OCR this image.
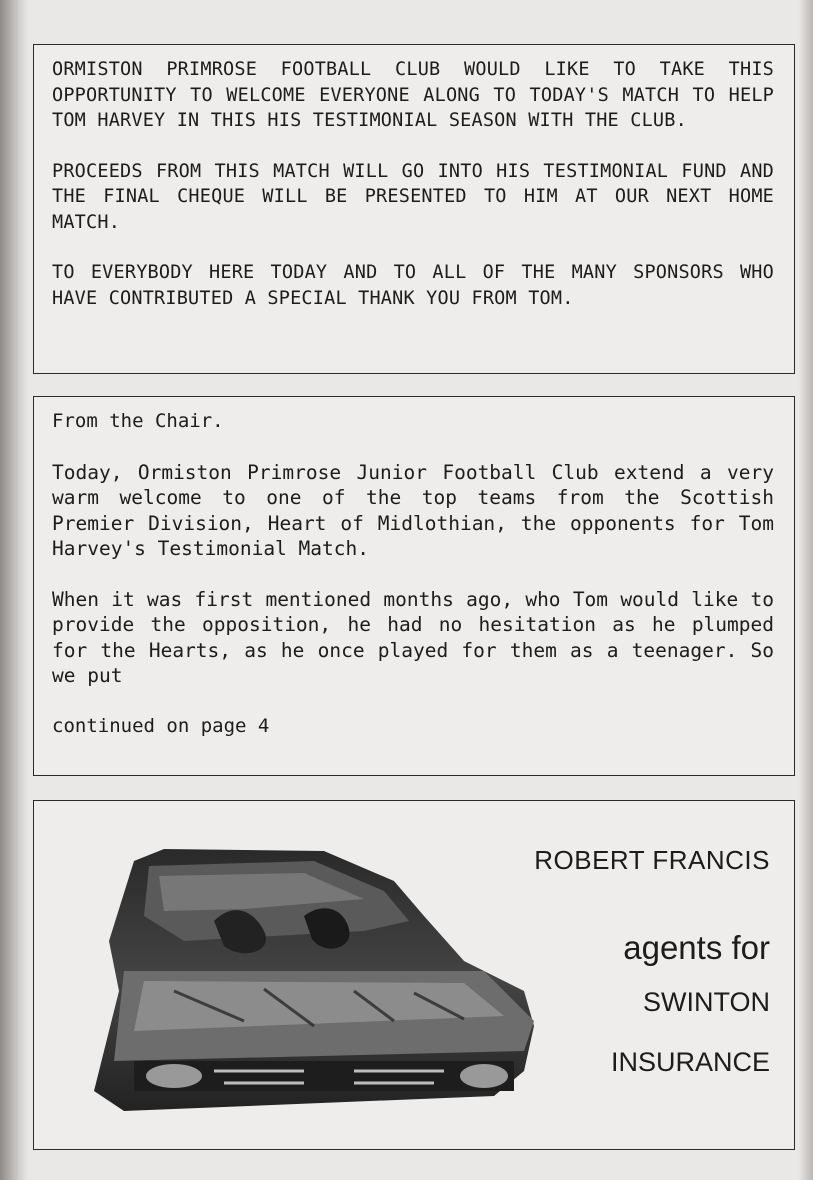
ORMISTON PRIMROSE FOOTBALL CLUB WOULD LIKE TO TAKE THIS OPPORTUNITY TO WELCOME EVERYONE ALONG TO TODAY'S MATCH TO HELP TOM HARVEY IN THIS HIS TESTIMONIAL SEASON WITH THE CLUB.

PROCEEDS FROM THIS MATCH WILL GO INTO HIS TESTIMONIAL FUND AND THE FINAL CHEQUE WILL BE PRESENTED TO HIM AT OUR NEXT HOME MATCH.

TO EVERYBODY HERE TODAY AND TO ALL OF THE MANY SPONSORS WHO HAVE CONTRIBUTED A SPECIAL THANK YOU FROM TOM.

From the Chair.

Today, Ormiston Primrose Junior Football Club extend a very warm welcome to one of the top teams from the Scottish Premier Division, Heart of Midlothian, the opponents for Tom Harvey's Testimonial Match.

When it was first mentioned months ago, who Tom would like to provide the opposition, he had no hesitation as he plumped for the Hearts, as he once played for them as a teenager. So we put

continued on page 4

ROBERT FRANCIS
agents for
SWINTON
INSURANCE
